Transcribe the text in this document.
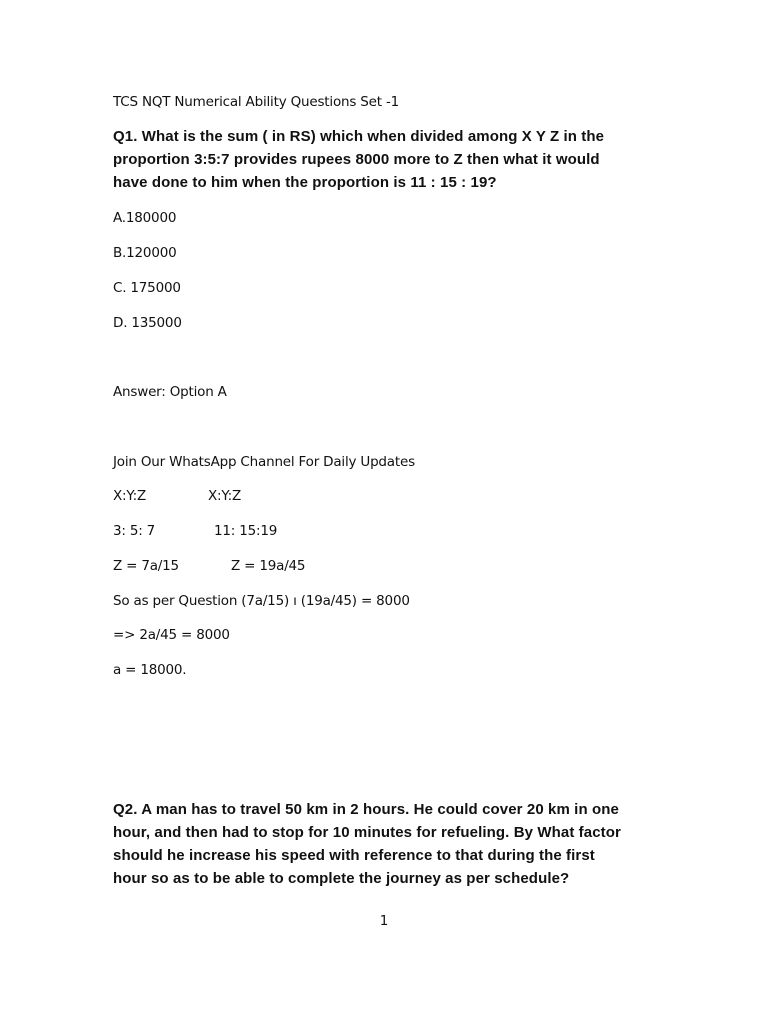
TCS NQT Numerical Ability Questions Set -1
Q1. What is the sum ( in RS) which when divided among X Y Z in the
proportion 3:5:7 provides rupees 8000 more to Z then what it would
have done to him when the proportion is 11 : 15 : 19?
A.180000
B.120000
C. 175000
D. 135000
Answer: Option A
Join Our WhatsApp Channel For Daily Updates
X:Y:Z	X:Y:Z
3: 5: 7	11: 15:19
Z = 7a/15	Z = 19a/45
So as per Question (7a/15) ı (19a/45) = 8000
=> 2a/45 = 8000
a = 18000.
Q2. A man has to travel 50 km in 2 hours. He could cover 20 km in one
hour, and then had to stop for 10 minutes for refueling. By What factor
should he increase his speed with reference to that during the first
hour so as to be able to complete the journey as per schedule?
1
